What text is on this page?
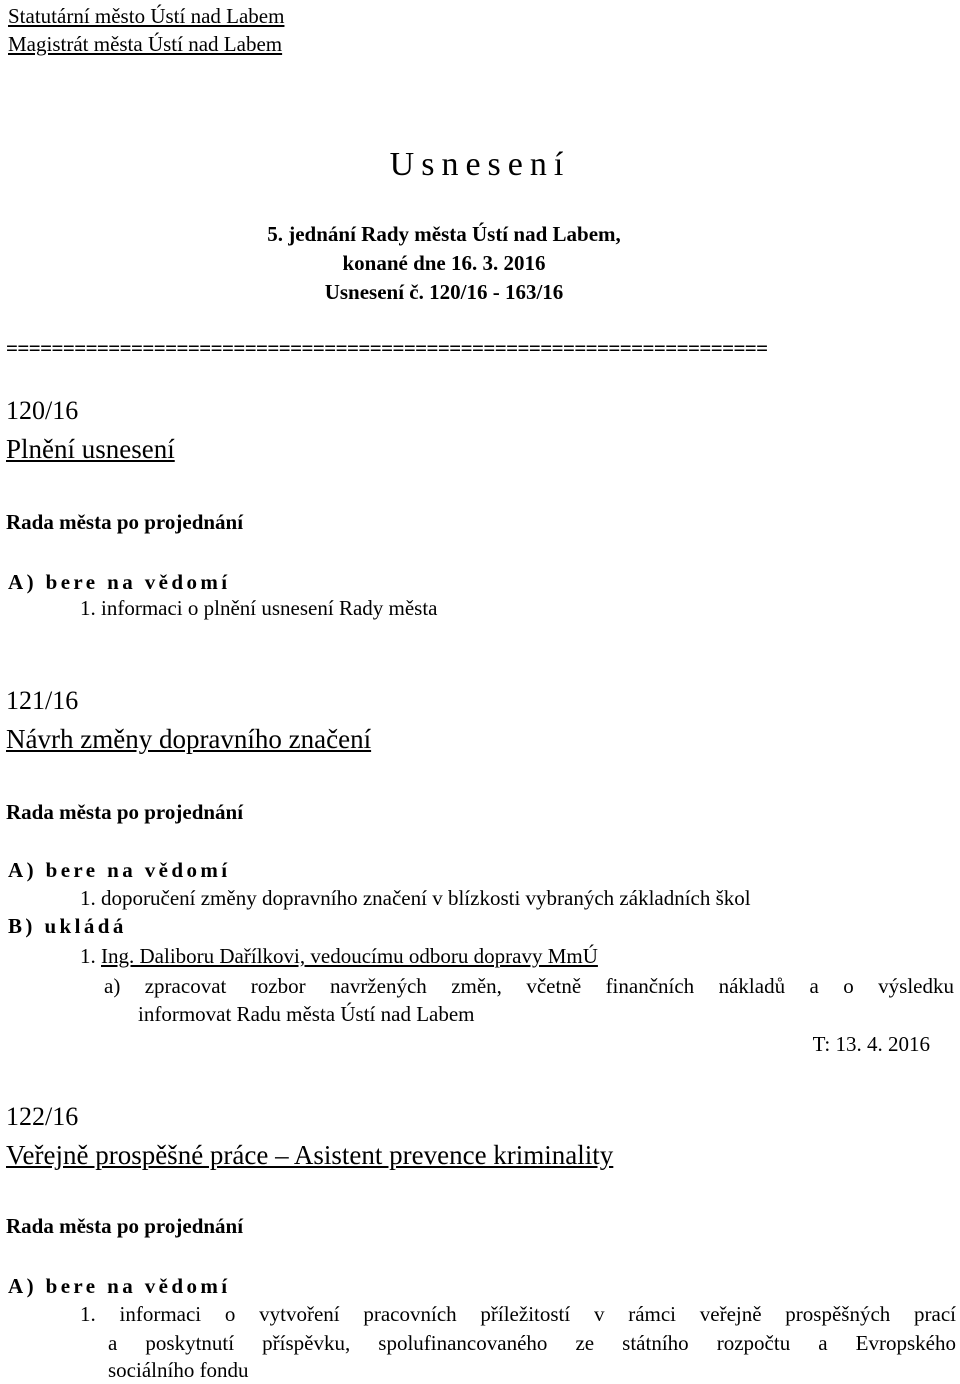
Statutární město Ústí nad Labem
Magistrát města Ústí nad Labem
Usnesení
5. jednání Rady města Ústí nad Labem,
konané dne 16. 3. 2016
Usnesení č. 120/16 - 163/16
===================================================================
120/16
Plnění usnesení
Rada města po projednání
A) bere na vědomí
1. informaci o plnění usnesení Rady města
121/16
Návrh změny dopravního značení
Rada města po projednání
A) bere na vědomí
1. doporučení změny dopravního značení v blízkosti vybraných základních škol
B) ukládá
1. Ing. Daliboru Dařílkovi, vedoucímu odboru dopravy MmÚ
a) zpracovat rozbor navržených změn, včetně finančních nákladů a o výsledku
informovat Radu města Ústí nad Labem
T: 13. 4. 2016
122/16
Veřejně prospěšné práce – Asistent prevence kriminality
Rada města po projednání
A) bere na vědomí
1. informaci o vytvoření pracovních příležitostí v rámci veřejně prospěšných prací
a poskytnutí příspěvku, spolufinancovaného ze státního rozpočtu a Evropského
sociálního fondu
